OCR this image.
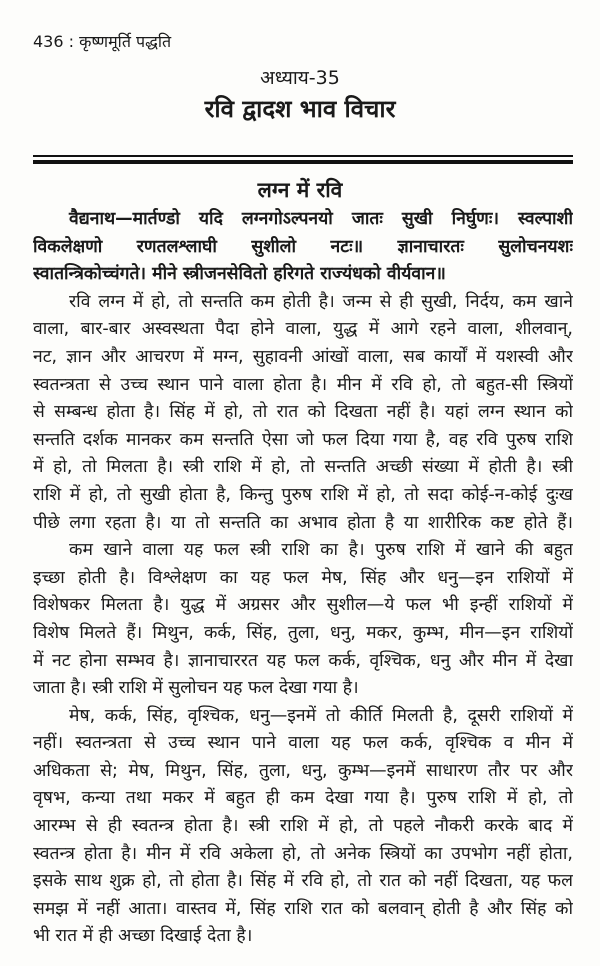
436 : कृष्णमूर्ति पद्धति
अध्याय-35
रवि द्वादश भाव विचार
लग्न में रवि
वैद्यनाथ—मार्तण्डो यदि लग्नगोऽल्पनयो जातः सुखी निर्घुणः। स्वल्पाशी
विकलेक्षणो रणतलश्लाघी सुशीलो नटः॥ ज्ञानाचारतः सुलोचनयशः
स्वातन्त्रिकोच्चंगते। मीने स्त्रीजनसेवितो हरिगते राज्यंधको वीर्यवान॥
रवि लग्न में हो, तो सन्तति कम होती है। जन्म से ही सुखी, निर्दय, कम खाने
वाला, बार-बार अस्वस्थता पैदा होने वाला, युद्ध में आगे रहने वाला, शीलवान्,
नट, ज्ञान और आचरण में मग्न, सुहावनी आंखों वाला, सब कार्यों में यशस्वी और
स्वतन्त्रता से उच्च स्थान पाने वाला होता है। मीन में रवि हो, तो बहुत-सी स्त्रियों
से सम्बन्ध होता है। सिंह में हो, तो रात को दिखता नहीं है। यहां लग्न स्थान को
सन्तति दर्शक मानकर कम सन्तति ऐसा जो फल दिया गया है, वह रवि पुरुष राशि
में हो, तो मिलता है। स्त्री राशि में हो, तो सन्तति अच्छी संख्या में होती है। स्त्री
राशि में हो, तो सुखी होता है, किन्तु पुरुष राशि में हो, तो सदा कोई-न-कोई दुःख
पीछे लगा रहता है। या तो सन्तति का अभाव होता है या शारीरिक कष्ट होते हैं।
कम खाने वाला यह फल स्त्री राशि का है। पुरुष राशि में खाने की बहुत
इच्छा होती है। विश्लेक्षण का यह फल मेष, सिंह और धनु—इन राशियों में
विशेषकर मिलता है। युद्ध में अग्रसर और सुशील—ये फल भी इन्हीं राशियों में
विशेष मिलते हैं। मिथुन, कर्क, सिंह, तुला, धनु, मकर, कुम्भ, मीन—इन राशियों
में नट होना सम्भव है। ज्ञानाचाररत यह फल कर्क, वृश्चिक, धनु और मीन में देखा
जाता है। स्त्री राशि में सुलोचन यह फल देखा गया है।
मेष, कर्क, सिंह, वृश्चिक, धनु—इनमें तो कीर्ति मिलती है, दूसरी राशियों में
नहीं। स्वतन्त्रता से उच्च स्थान पाने वाला यह फल कर्क, वृश्चिक व मीन में
अधिकता से; मेष, मिथुन, सिंह, तुला, धनु, कुम्भ—इनमें साधारण तौर पर और
वृषभ, कन्या तथा मकर में बहुत ही कम देखा गया है। पुरुष राशि में हो, तो
आरम्भ से ही स्वतन्त्र होता है। स्त्री राशि में हो, तो पहले नौकरी करके बाद में
स्वतन्त्र होता है। मीन में रवि अकेला हो, तो अनेक स्त्रियों का उपभोग नहीं होता,
इसके साथ शुक्र हो, तो होता है। सिंह में रवि हो, तो रात को नहीं दिखता, यह फल
समझ में नहीं आता। वास्तव में, सिंह राशि रात को बलवान् होती है और सिंह को
भी रात में ही अच्छा दिखाई देता है।
